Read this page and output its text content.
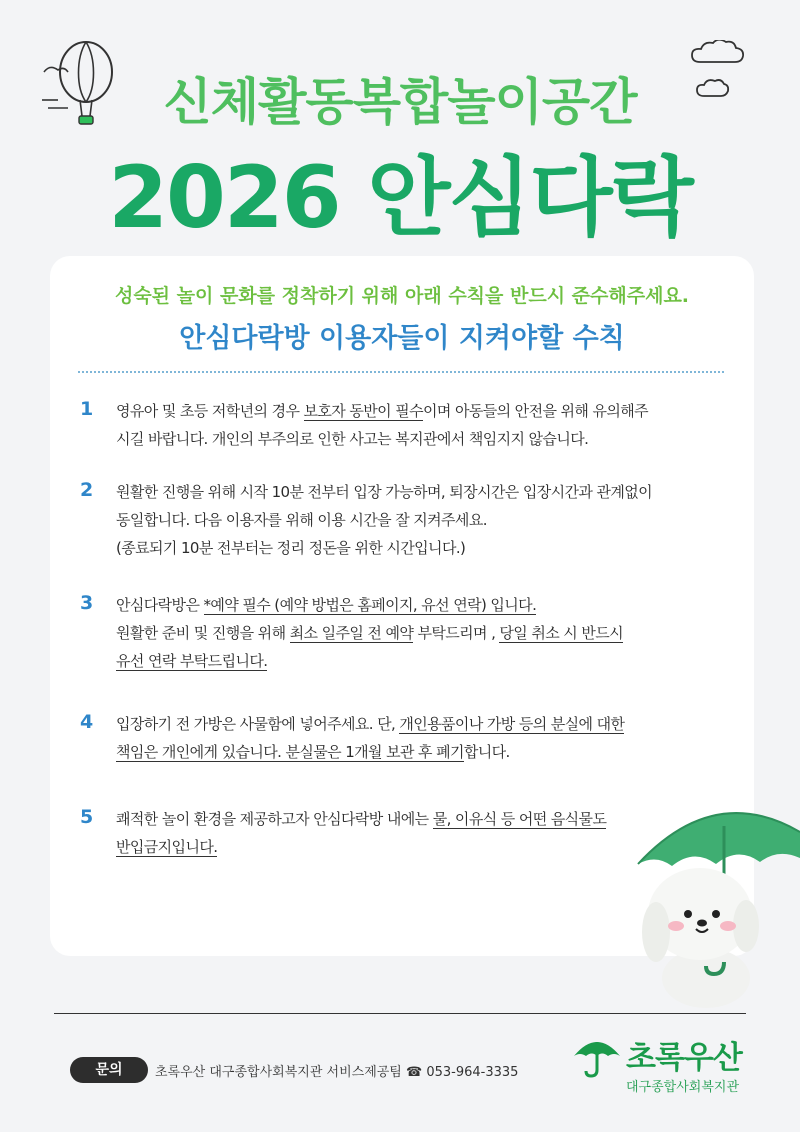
신체활동복합놀이공간
2026 안심다락
성숙된 놀이 문화를 정착하기 위해 아래 수칙을 반드시 준수해주세요.
안심다락방 이용자들이 지켜야할 수칙
1 영유아 및 초등 저학년의 경우 보호자 동반이 필수이며 아동들의 안전을 위해 유의해주

시길 바랍니다. 개인의 부주의로 인한 사고는 복지관에서 책임지지 않습니다.

2 원활한 진행을 위해 시작 10분 전부터 입장 가능하며, 퇴장시간은 입장시간과 관계없이

동일합니다. 다음 이용자를 위해 이용 시간을 잘 지켜주세요.

(종료되기 10분 전부터는 정리 정돈을 위한 시간입니다.)

3 안심다락방은 *예약 필수 (예약 방법은 홈페이지, 유선 연락) 입니다.

원활한 준비 및 진행을 위해 최소 일주일 전 예약 부탁드리며 , 당일 취소 시 반드시

유선 연락 부탁드립니다.

4 입장하기 전 가방은 사물함에 넣어주세요. 단, 개인용품이나 가방 등의 분실에 대한

책임은 개인에게 있습니다. 분실물은 1개월 보관 후 폐기합니다.

5 쾌적한 놀이 환경을 제공하고자 안심다락방 내에는 물, 이유식 등 어떤 음식물도

반입금지입니다.

문의	초록우산 대구종합사회복지관 서비스제공팀 ☎ 053-964-3335	초록우산
대구종합사회복지관
